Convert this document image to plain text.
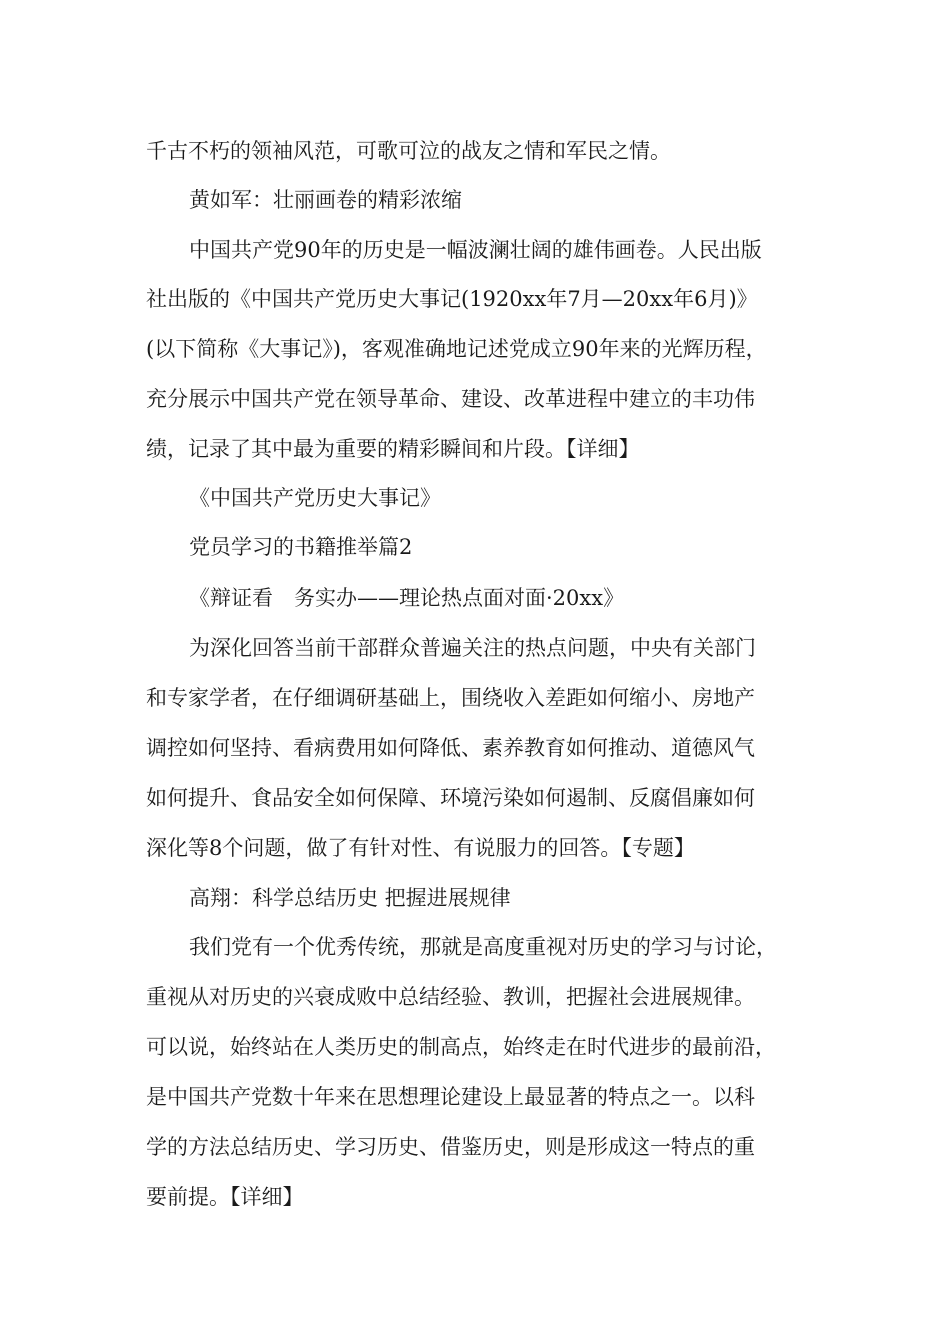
千古不朽的领袖风范，可歌可泣的战友之情和军民之情。

黄如军：壮丽画卷的精彩浓缩

中国共产党90年的历史是一幅波澜壮阔的雄伟画卷。人民出版

社出版的《中国共产党历史大事记(1920xx年7月—20xx年6月)》

(以下简称《大事记》)，客观准确地记述党成立90年来的光辉历程，

充分展示中国共产党在领导革命、建设、改革进程中建立的丰功伟

绩，记录了其中最为重要的精彩瞬间和片段。【详细】

《中国共产党历史大事记》

党员学习的书籍推举篇2

《辩证看　务实办——理论热点面对面·20xx》

为深化回答当前干部群众普遍关注的热点问题，中央有关部门

和专家学者，在仔细调研基础上，围绕收入差距如何缩小、房地产

调控如何坚持、看病费用如何降低、素养教育如何推动、道德风气

如何提升、食品安全如何保障、环境污染如何遏制、反腐倡廉如何

深化等8个问题，做了有针对性、有说服力的回答。【专题】

高翔：科学总结历史 把握进展规律

我们党有一个优秀传统，那就是高度重视对历史的学习与讨论，

重视从对历史的兴衰成败中总结经验、教训，把握社会进展规律。

可以说，始终站在人类历史的制高点，始终走在时代进步的最前沿，

是中国共产党数十年来在思想理论建设上最显著的特点之一。以科

学的方法总结历史、学习历史、借鉴历史，则是形成这一特点的重

要前提。【详细】
